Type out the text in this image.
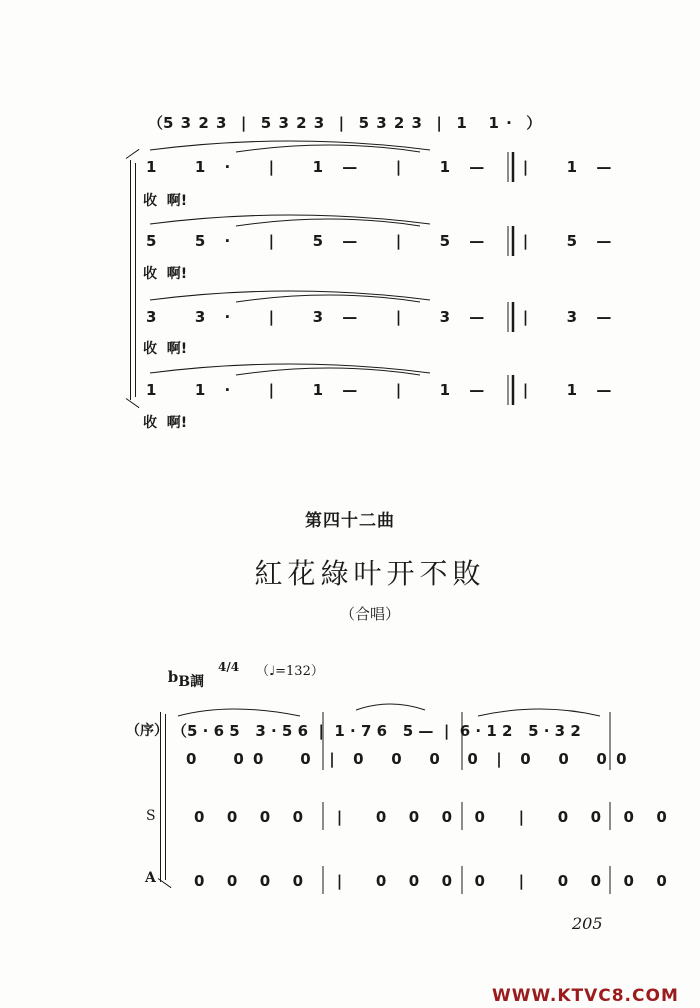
（5 3 2 3  |  5 3 2 3  |  5 3 2 3  |  1   1 ·  ）
1  1 ·  |  1 —  |  1 —  |  1 —
收  啊!
5  5 ·  |  5 —  |  5 —  |  5 —
收  啊!
3  3 ·  |  3 —  |  3 —  |  3 —
收  啊!
1  1 ·  |  1 —  |  1 —  |  1 —
收  啊!
第四十二曲
紅花綠叶开不敗
（合唱）

bB調

4/4 （♩=132）
（序） （5 · 6 5   3 · 5 6  |  1 · 7 6   5 —  |  6 · 1 2   5 · 3 2
0    0 0    0  |  0   0   0   0  |  0   0   0 0
S	0  0  0  0   |   0  0  0  0   |   0  0  0  0
A	0  0  0  0   |   0  0  0  0   |   0  0  0  0
205
WWW.KTVC8.COM
